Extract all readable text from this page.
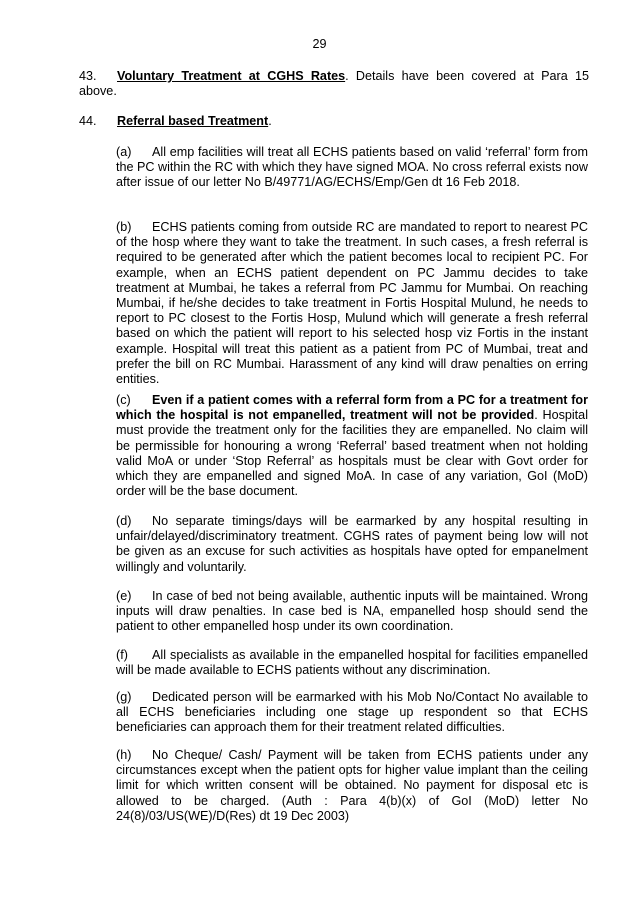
29
43. Voluntary Treatment at CGHS Rates. Details have been covered at Para 15 above.
44. Referral based Treatment.
(a) All emp facilities will treat all ECHS patients based on valid ‘referral’ form from the PC within the RC with which they have signed MOA. No cross referral exists now after issue of our letter No B/49771/AG/ECHS/Emp/Gen dt 16 Feb 2018.
(b) ECHS patients coming from outside RC are mandated to report to nearest PC of the hosp where they want to take the treatment. In such cases, a fresh referral is required to be generated after which the patient becomes local to recipient PC. For example, when an ECHS patient dependent on PC Jammu decides to take treatment at Mumbai, he takes a referral from PC Jammu for Mumbai. On reaching Mumbai, if he/she decides to take treatment in Fortis Hospital Mulund, he needs to report to PC closest to the Fortis Hosp, Mulund which will generate a fresh referral based on which the patient will report to his selected hosp viz Fortis in the instant example. Hospital will treat this patient as a patient from PC of Mumbai, treat and prefer the bill on RC Mumbai. Harassment of any kind will draw penalties on erring entities.
(c) Even if a patient comes with a referral form from a PC for a treatment for which the hospital is not empanelled, treatment will not be provided. Hospital must provide the treatment only for the facilities they are empanelled. No claim will be permissible for honouring a wrong ‘Referral’ based treatment when not holding valid MoA or under ‘Stop Referral’ as hospitals must be clear with Govt order for which they are empanelled and signed MoA. In case of any variation, GoI (MoD) order will be the base document.
(d) No separate timings/days will be earmarked by any hospital resulting in unfair/delayed/discriminatory treatment. CGHS rates of payment being low will not be given as an excuse for such activities as hospitals have opted for empanelment willingly and voluntarily.
(e) In case of bed not being available, authentic inputs will be maintained. Wrong inputs will draw penalties. In case bed is NA, empanelled hosp should send the patient to other empanelled hosp under its own coordination.
(f) All specialists as available in the empanelled hospital for facilities empanelled will be made available to ECHS patients without any discrimination.
(g) Dedicated person will be earmarked with his Mob No/Contact No available to all ECHS beneficiaries including one stage up respondent so that ECHS beneficiaries can approach them for their treatment related difficulties.
(h) No Cheque/ Cash/ Payment will be taken from ECHS patients under any circumstances except when the patient opts for higher value implant than the ceiling limit for which written consent will be obtained. No payment for disposal etc is allowed to be charged. (Auth : Para 4(b)(x) of GoI (MoD) letter No 24(8)/03/US(WE)/D(Res) dt 19 Dec 2003)
